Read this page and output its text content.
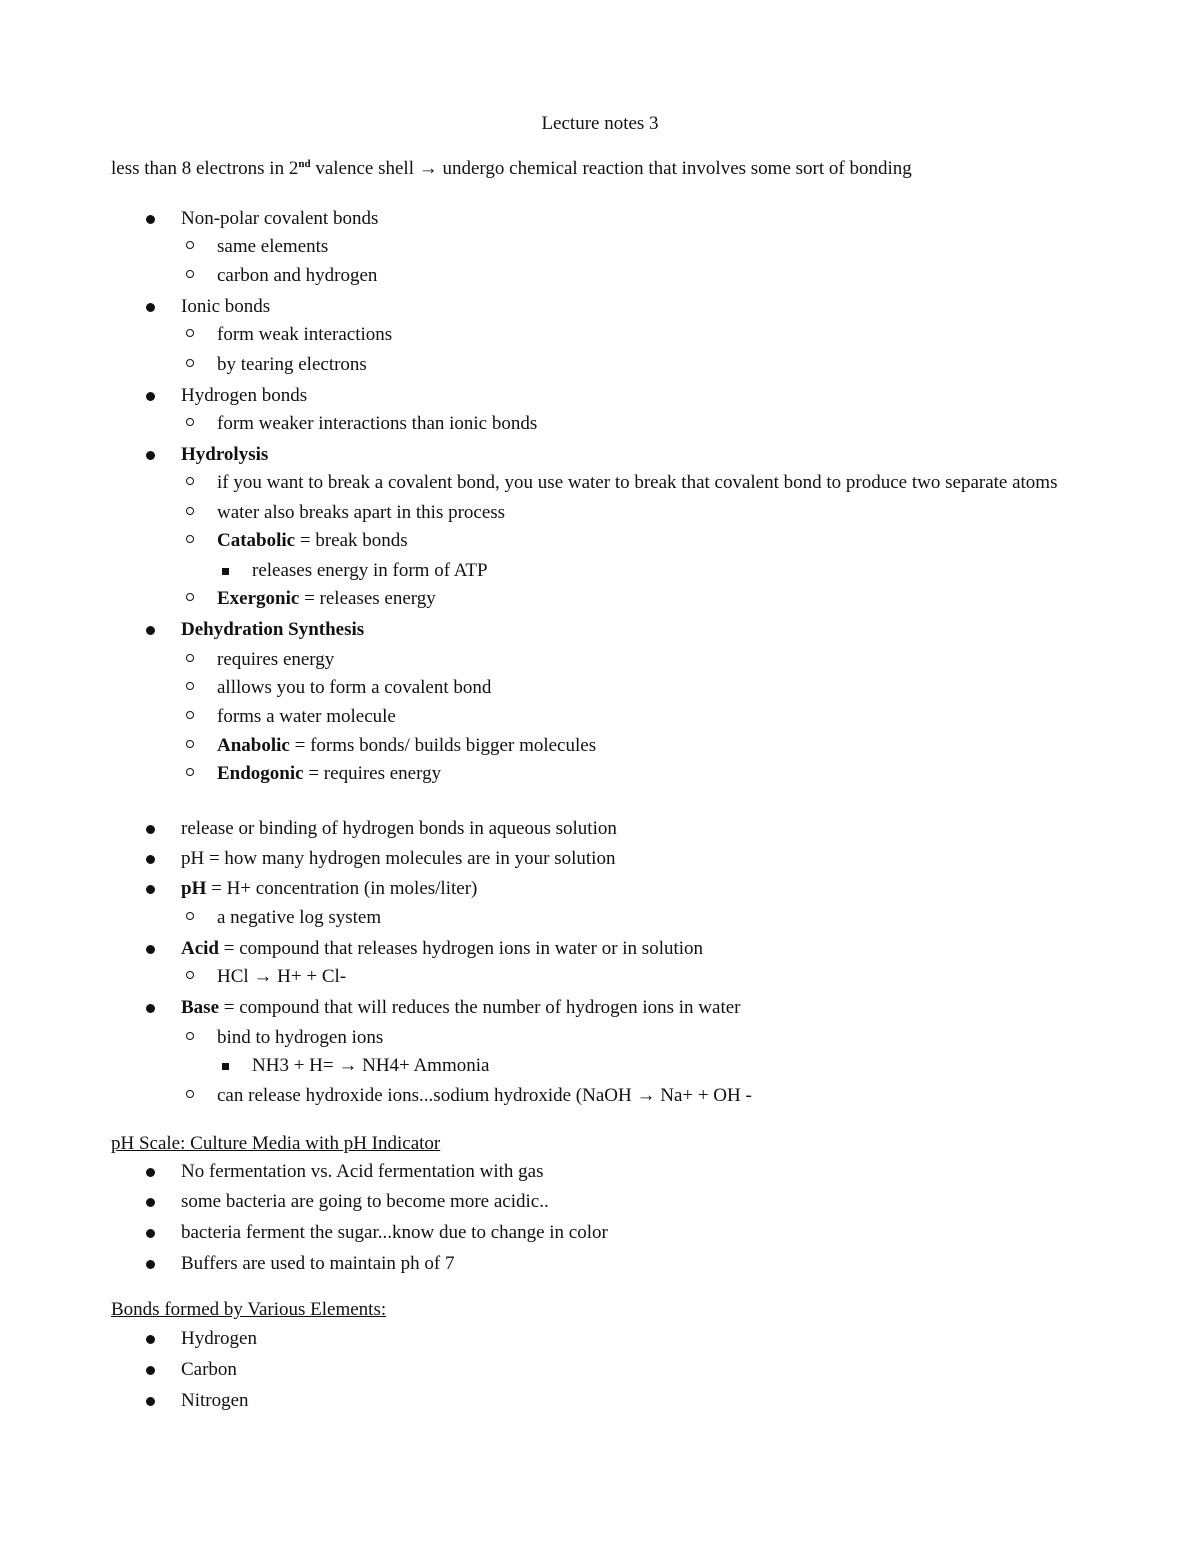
Lecture notes 3
less than 8 electrons in 2nd valence shell → undergo chemical reaction that involves some sort of bonding
Non-polar covalent bonds
same elements
carbon and hydrogen
Ionic bonds
form weak interactions
by tearing electrons
Hydrogen bonds
form weaker interactions than ionic bonds
Hydrolysis
if you want to break a covalent bond, you use water to break that covalent bond to produce two separate atoms
water also breaks apart in this process
Catabolic = break bonds
releases energy in form of ATP
Exergonic = releases energy
Dehydration Synthesis
requires energy
alllows you to form a covalent bond
forms a water molecule
Anabolic = forms bonds/ builds bigger molecules
Endogonic = requires energy
release or binding of hydrogen bonds in aqueous solution
pH = how many hydrogen molecules are in your solution
pH = H+ concentration (in moles/liter)
a negative log system
Acid = compound that releases hydrogen ions in water or in solution
HCl → H+ + Cl-
Base = compound that will reduces the number of hydrogen ions in water
bind to hydrogen ions
NH3 + H= → NH4+ Ammonia
can release hydroxide ions...sodium hydroxide (NaOH → Na+ + OH -
pH Scale: Culture Media with pH Indicator
No fermentation vs. Acid fermentation with gas
some bacteria are going to become more acidic..
bacteria ferment the sugar...know due to change in color
Buffers are used to maintain ph of 7
Bonds formed by Various Elements:
Hydrogen
Carbon
Nitrogen
